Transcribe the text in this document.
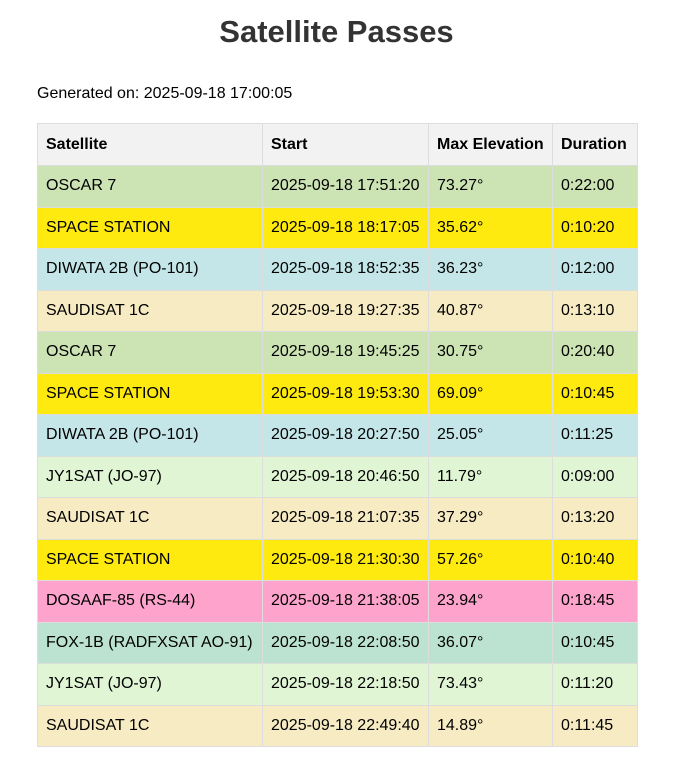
Satellite Passes
Generated on: 2025-09-18 17:00:05
Satellite	Start	Max Elevation	Duration
OSCAR 7	2025-09-18 17:51:20	73.27°	0:22:00
SPACE STATION	2025-09-18 18:17:05	35.62°	0:10:20
DIWATA 2B (PO-101)	2025-09-18 18:52:35	36.23°	0:12:00
SAUDISAT 1C	2025-09-18 19:27:35	40.87°	0:13:10
OSCAR 7	2025-09-18 19:45:25	30.75°	0:20:40
SPACE STATION	2025-09-18 19:53:30	69.09°	0:10:45
DIWATA 2B (PO-101)	2025-09-18 20:27:50	25.05°	0:11:25
JY1SAT (JO-97)	2025-09-18 20:46:50	11.79°	0:09:00
SAUDISAT 1C	2025-09-18 21:07:35	37.29°	0:13:20
SPACE STATION	2025-09-18 21:30:30	57.26°	0:10:40
DOSAAF-85 (RS-44)	2025-09-18 21:38:05	23.94°	0:18:45
FOX-1B (RADFXSAT AO-91)	2025-09-18 22:08:50	36.07°	0:10:45
JY1SAT (JO-97)	2025-09-18 22:18:50	73.43°	0:11:20
SAUDISAT 1C	2025-09-18 22:49:40	14.89°	0:11:45
